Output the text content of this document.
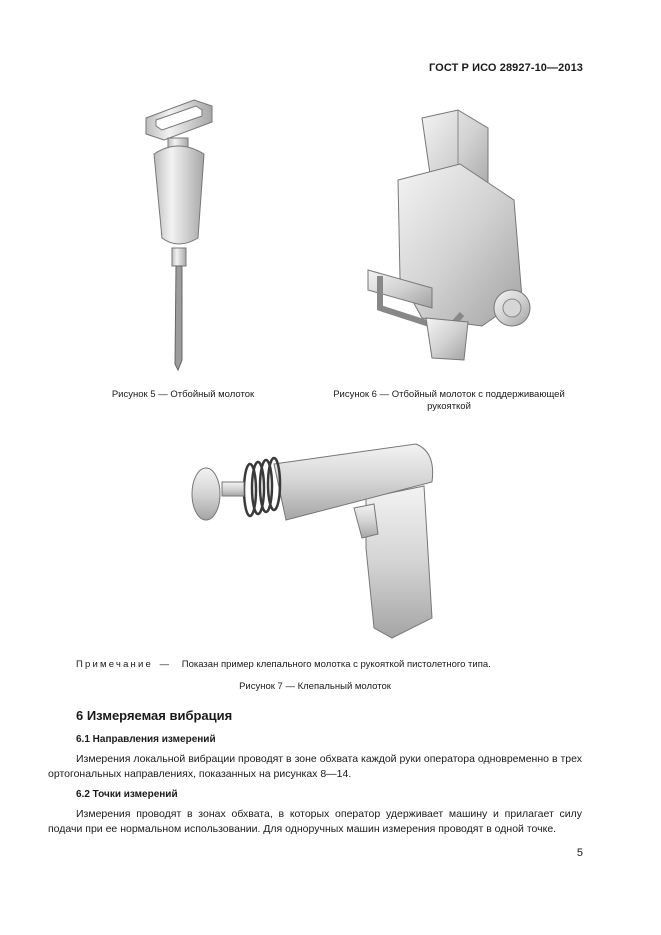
ГОСТ Р ИСО 28927-10—2013
Рисунок 5 — Отбойный молоток	Рисунок 6 — Отбойный молоток с поддерживающей
рукояткой
Примечание — Показан пример клепального молотка с рукояткой пистолетного типа.
Рисунок 7 — Клепальный молоток
6 Измеряемая вибрация
6.1 Направления измерений
Измерения локальной вибрации проводят в зоне обхвата каждой руки оператора одновременно в трех ортогональных направлениях, показанных на рисунках 8—14.
6.2 Точки измерений
Измерения проводят в зонах обхвата, в которых оператор удерживает машину и прилагает силу подачи при ее нормальном использовании. Для одноручных машин измерения проводят в одной точке.
5
